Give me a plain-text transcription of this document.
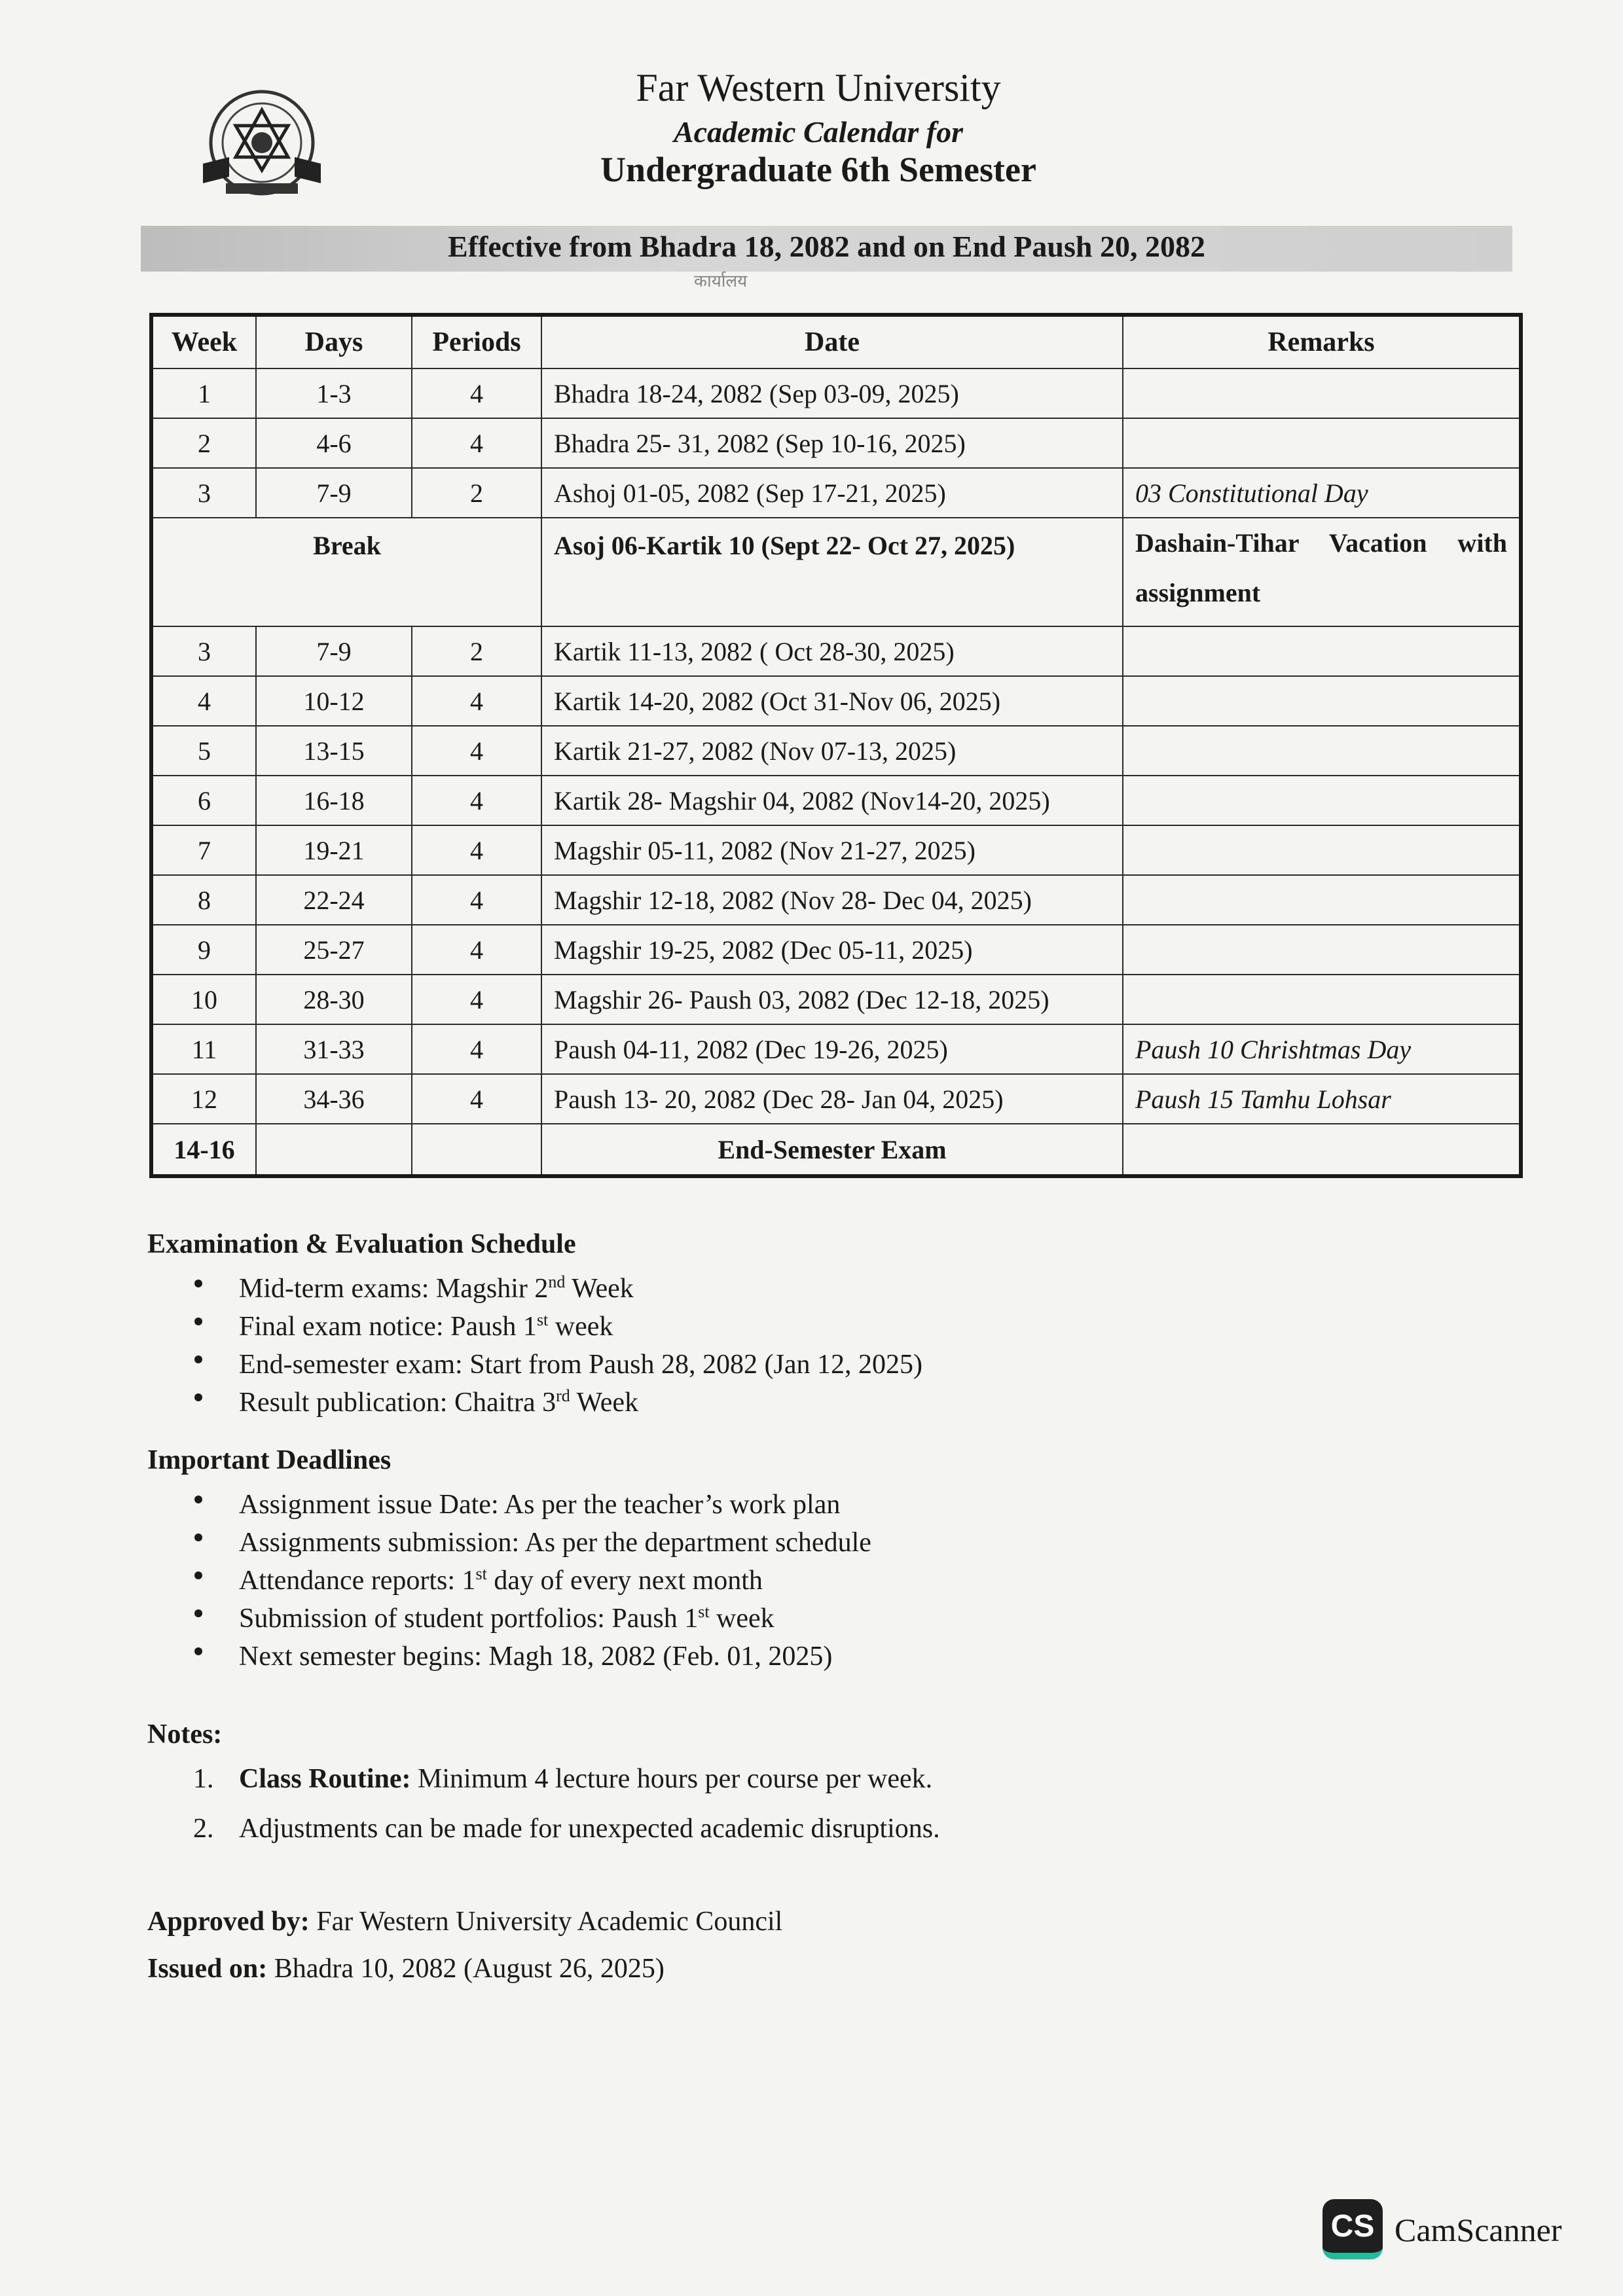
Far Western University
Academic Calendar for
Undergraduate 6th Semester
Effective from Bhadra 18, 2082 and on End Paush 20, 2082
कार्यालय
Week	Days	Periods	Date	Remarks
1	1-3	4	Bhadra 18-24, 2082 (Sep 03-09, 2025)	
2	4-6	4	Bhadra 25- 31, 2082 (Sep 10-16, 2025)	
3	7-9	2	Ashoj 01-05, 2082 (Sep 17-21, 2025)	03 Constitutional Day
Break			Asoj 06-Kartik 10 (Sept 22- Oct 27, 2025)	Dashain-Tihar Vacation with assignment
3	7-9	2	Kartik 11-13, 2082 ( Oct 28-30, 2025)	
4	10-12	4	Kartik 14-20, 2082 (Oct 31-Nov 06, 2025)	
5	13-15	4	Kartik 21-27, 2082 (Nov 07-13, 2025)	
6	16-18	4	Kartik 28- Magshir 04, 2082 (Nov14-20, 2025)	
7	19-21	4	Magshir 05-11, 2082 (Nov 21-27, 2025)	
8	22-24	4	Magshir 12-18, 2082 (Nov 28- Dec 04, 2025)	
9	25-27	4	Magshir 19-25, 2082 (Dec 05-11, 2025)	
10	28-30	4	Magshir 26- Paush 03, 2082 (Dec 12-18, 2025)	
11	31-33	4	Paush 04-11, 2082 (Dec 19-26, 2025)	Paush 10 Chrishtmas Day
12	34-36	4	Paush 13- 20, 2082 (Dec 28- Jan 04, 2025)	Paush 15 Tamhu Lohsar
14-16			End-Semester Exam	
Examination & Evaluation Schedule
Mid-term exams: Magshir 2nd Week
Final exam notice: Paush 1st week
End-semester exam: Start from Paush 28, 2082 (Jan 12, 2025)
Result publication: Chaitra 3rd Week
Important Deadlines
Assignment issue Date: As per the teacher’s work plan
Assignments submission: As per the department schedule
Attendance reports: 1st day of every next month
Submission of student portfolios: Paush 1st week
Next semester begins: Magh 18, 2082 (Feb. 01, 2025)
Notes:
1. Class Routine: Minimum 4 lecture hours per course per week.
2. Adjustments can be made for unexpected academic disruptions.
Approved by: Far Western University Academic Council
Issued on: Bhadra 10, 2082 (August 26, 2025)
CS CamScanner
